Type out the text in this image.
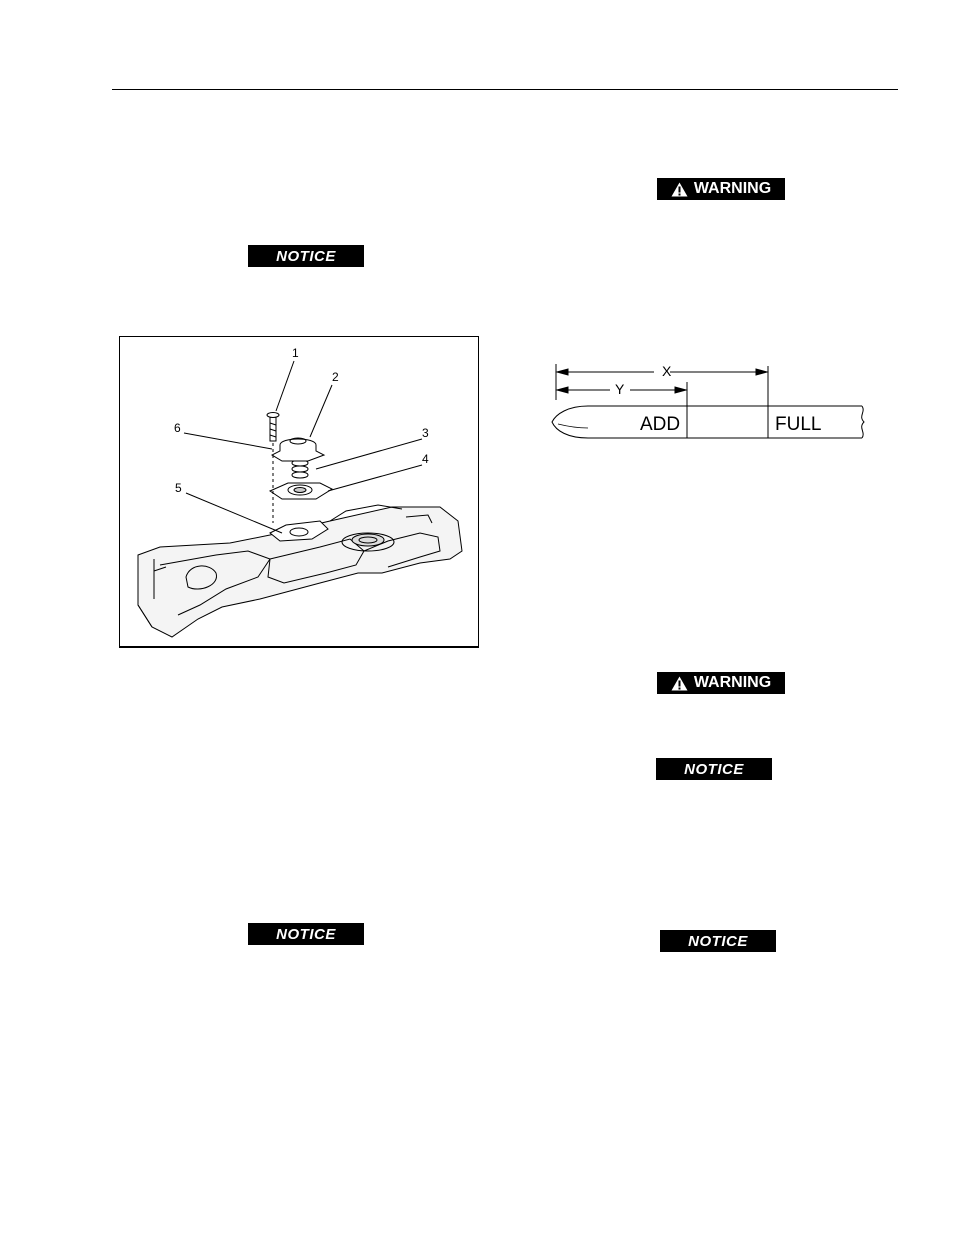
NOTICE
1
2
3
4
5
6
NOTICE
WARNING
X
Y
ADD	FULL
WARNING
NOTICE
NOTICE
